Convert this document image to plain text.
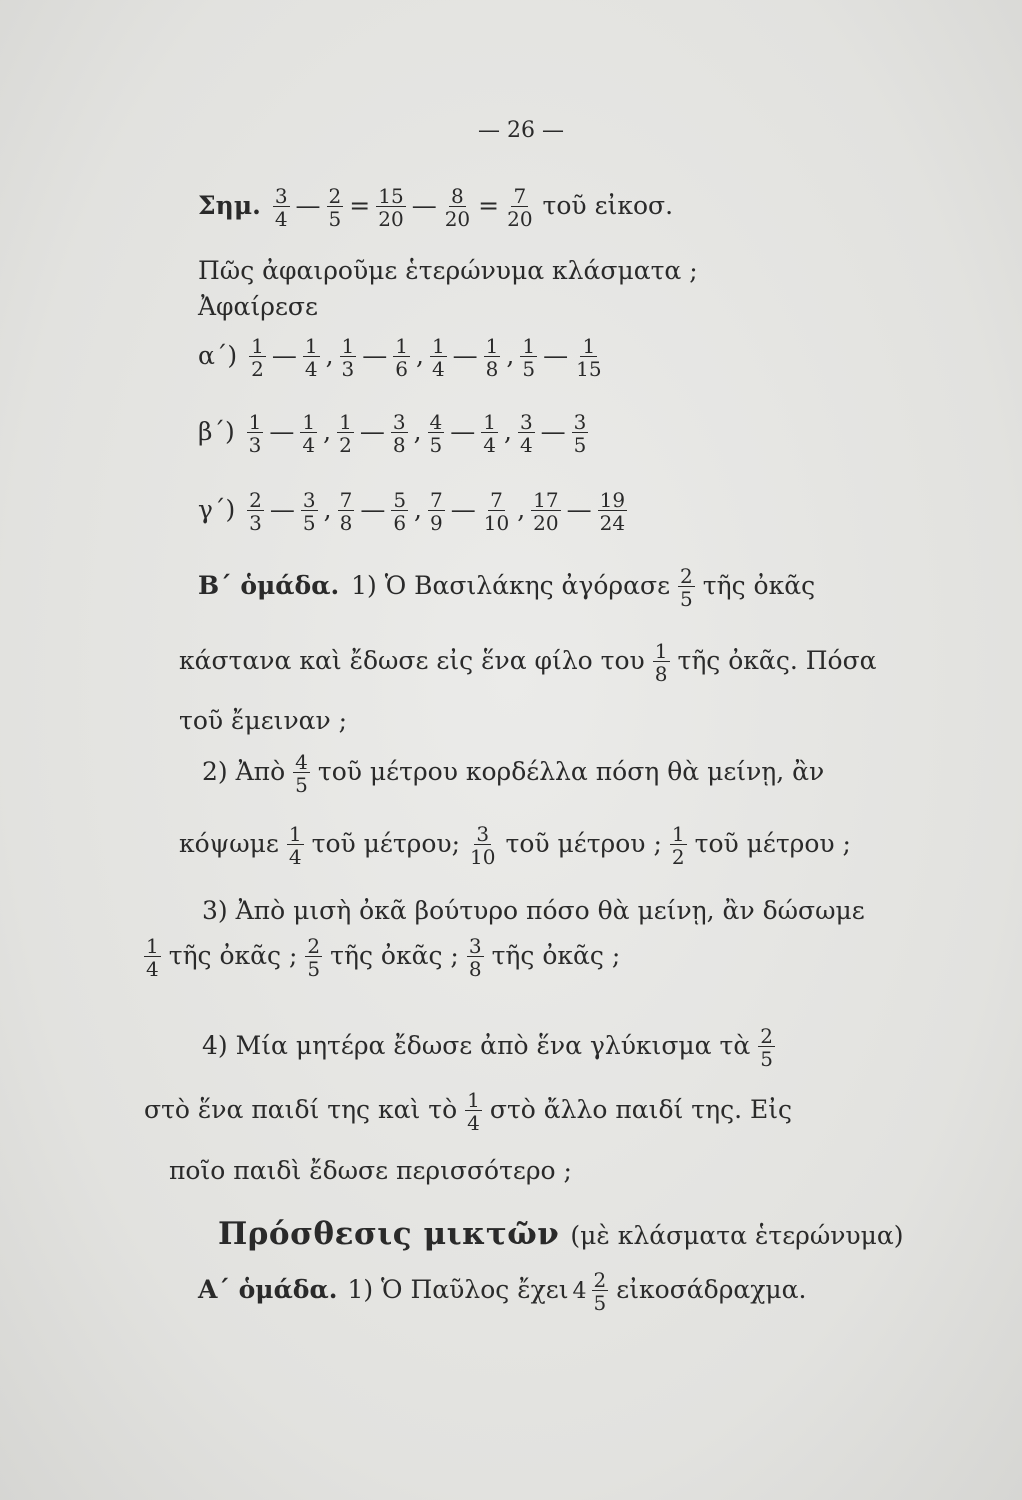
— 26 —
Σημ. $\frac{3}{4}$ — $\frac{2}{5} = \frac{15}{20}$ — $\frac{8}{20} = \frac{7}{20}$ τοῦ εἰκοσ.
Πῶς ἀφαιροῦμε ἑτερώνυμα κλάσματα ;
Ἀφαίρεσε
$\alpha΄) \frac{1}{2}$ — $\frac{1}{4}$ , $\frac{1}{3}$ — $\frac{1}{6}$ , $\frac{1}{4}$ — $\frac{1}{8}$ , $\frac{1}{5}$ — $\frac{1}{15}$
$\beta΄) \frac{1}{3}$ — $\frac{1}{4}$ , $\frac{1}{2}$ — $\frac{3}{8}$ , $\frac{4}{5}$ — $\frac{1}{4}$ , $\frac{3}{4}$ — $\frac{3}{5}$
$\gamma΄) \frac{2}{3}$ — $\frac{3}{5}$ , $\frac{7}{8}$ — $\frac{5}{6}$ , $\frac{7}{9}$ — $\frac{7}{10}$ , $\frac{17}{20}$ — $\frac{19}{24}$
Β΄ ὁμάδα. 1) Ὁ Βασιλάκης ἀγόρασε $\frac{2}{5}$ τῆς ὀκᾶς
κάστανα καὶ ἔδωσε εἰς ἕνα φίλο του $\frac{1}{8}$ τῆς ὀκᾶς. Πόσα
τοῦ ἔμειναν ;
2) Ἀπὸ $\frac{4}{5}$ τοῦ μέτρου κορδέλλα πόση θὰ μείνῃ, ἂν
κόψωμε $\frac{1}{4}$ τοῦ μέτρου; $\frac{3}{10}$ τοῦ μέτρου ; $\frac{1}{2}$ τοῦ μέτρου ;
3) Ἀπὸ μισὴ ὀκᾶ βούτυρο πόσο θὰ μείνῃ, ἂν δώσωμε
$\frac{1}{4}$ τῆς ὀκᾶς ; $\frac{2}{5}$ τῆς ὀκᾶς ; $\frac{3}{8}$ τῆς ὀκᾶς ;
4) Μία μητέρα ἔδωσε ἀπὸ ἕνα γλύκισμα τὰ $\frac{2}{5}$
στὸ ἕνα παιδί της καὶ τὸ $\frac{1}{4}$ στὸ ἄλλο παιδί της. Εἰς
ποῖο παιδὶ ἔδωσε περισσότερο ;
Πρόσθεσις μικτῶν (μὲ κλάσματα ἑτερώνυμα)
Α΄ ὁμάδα. 1) Ὁ Παῦλος ἔχει $4 \frac{2}{5}$ εἰκοσάδραχμα.
